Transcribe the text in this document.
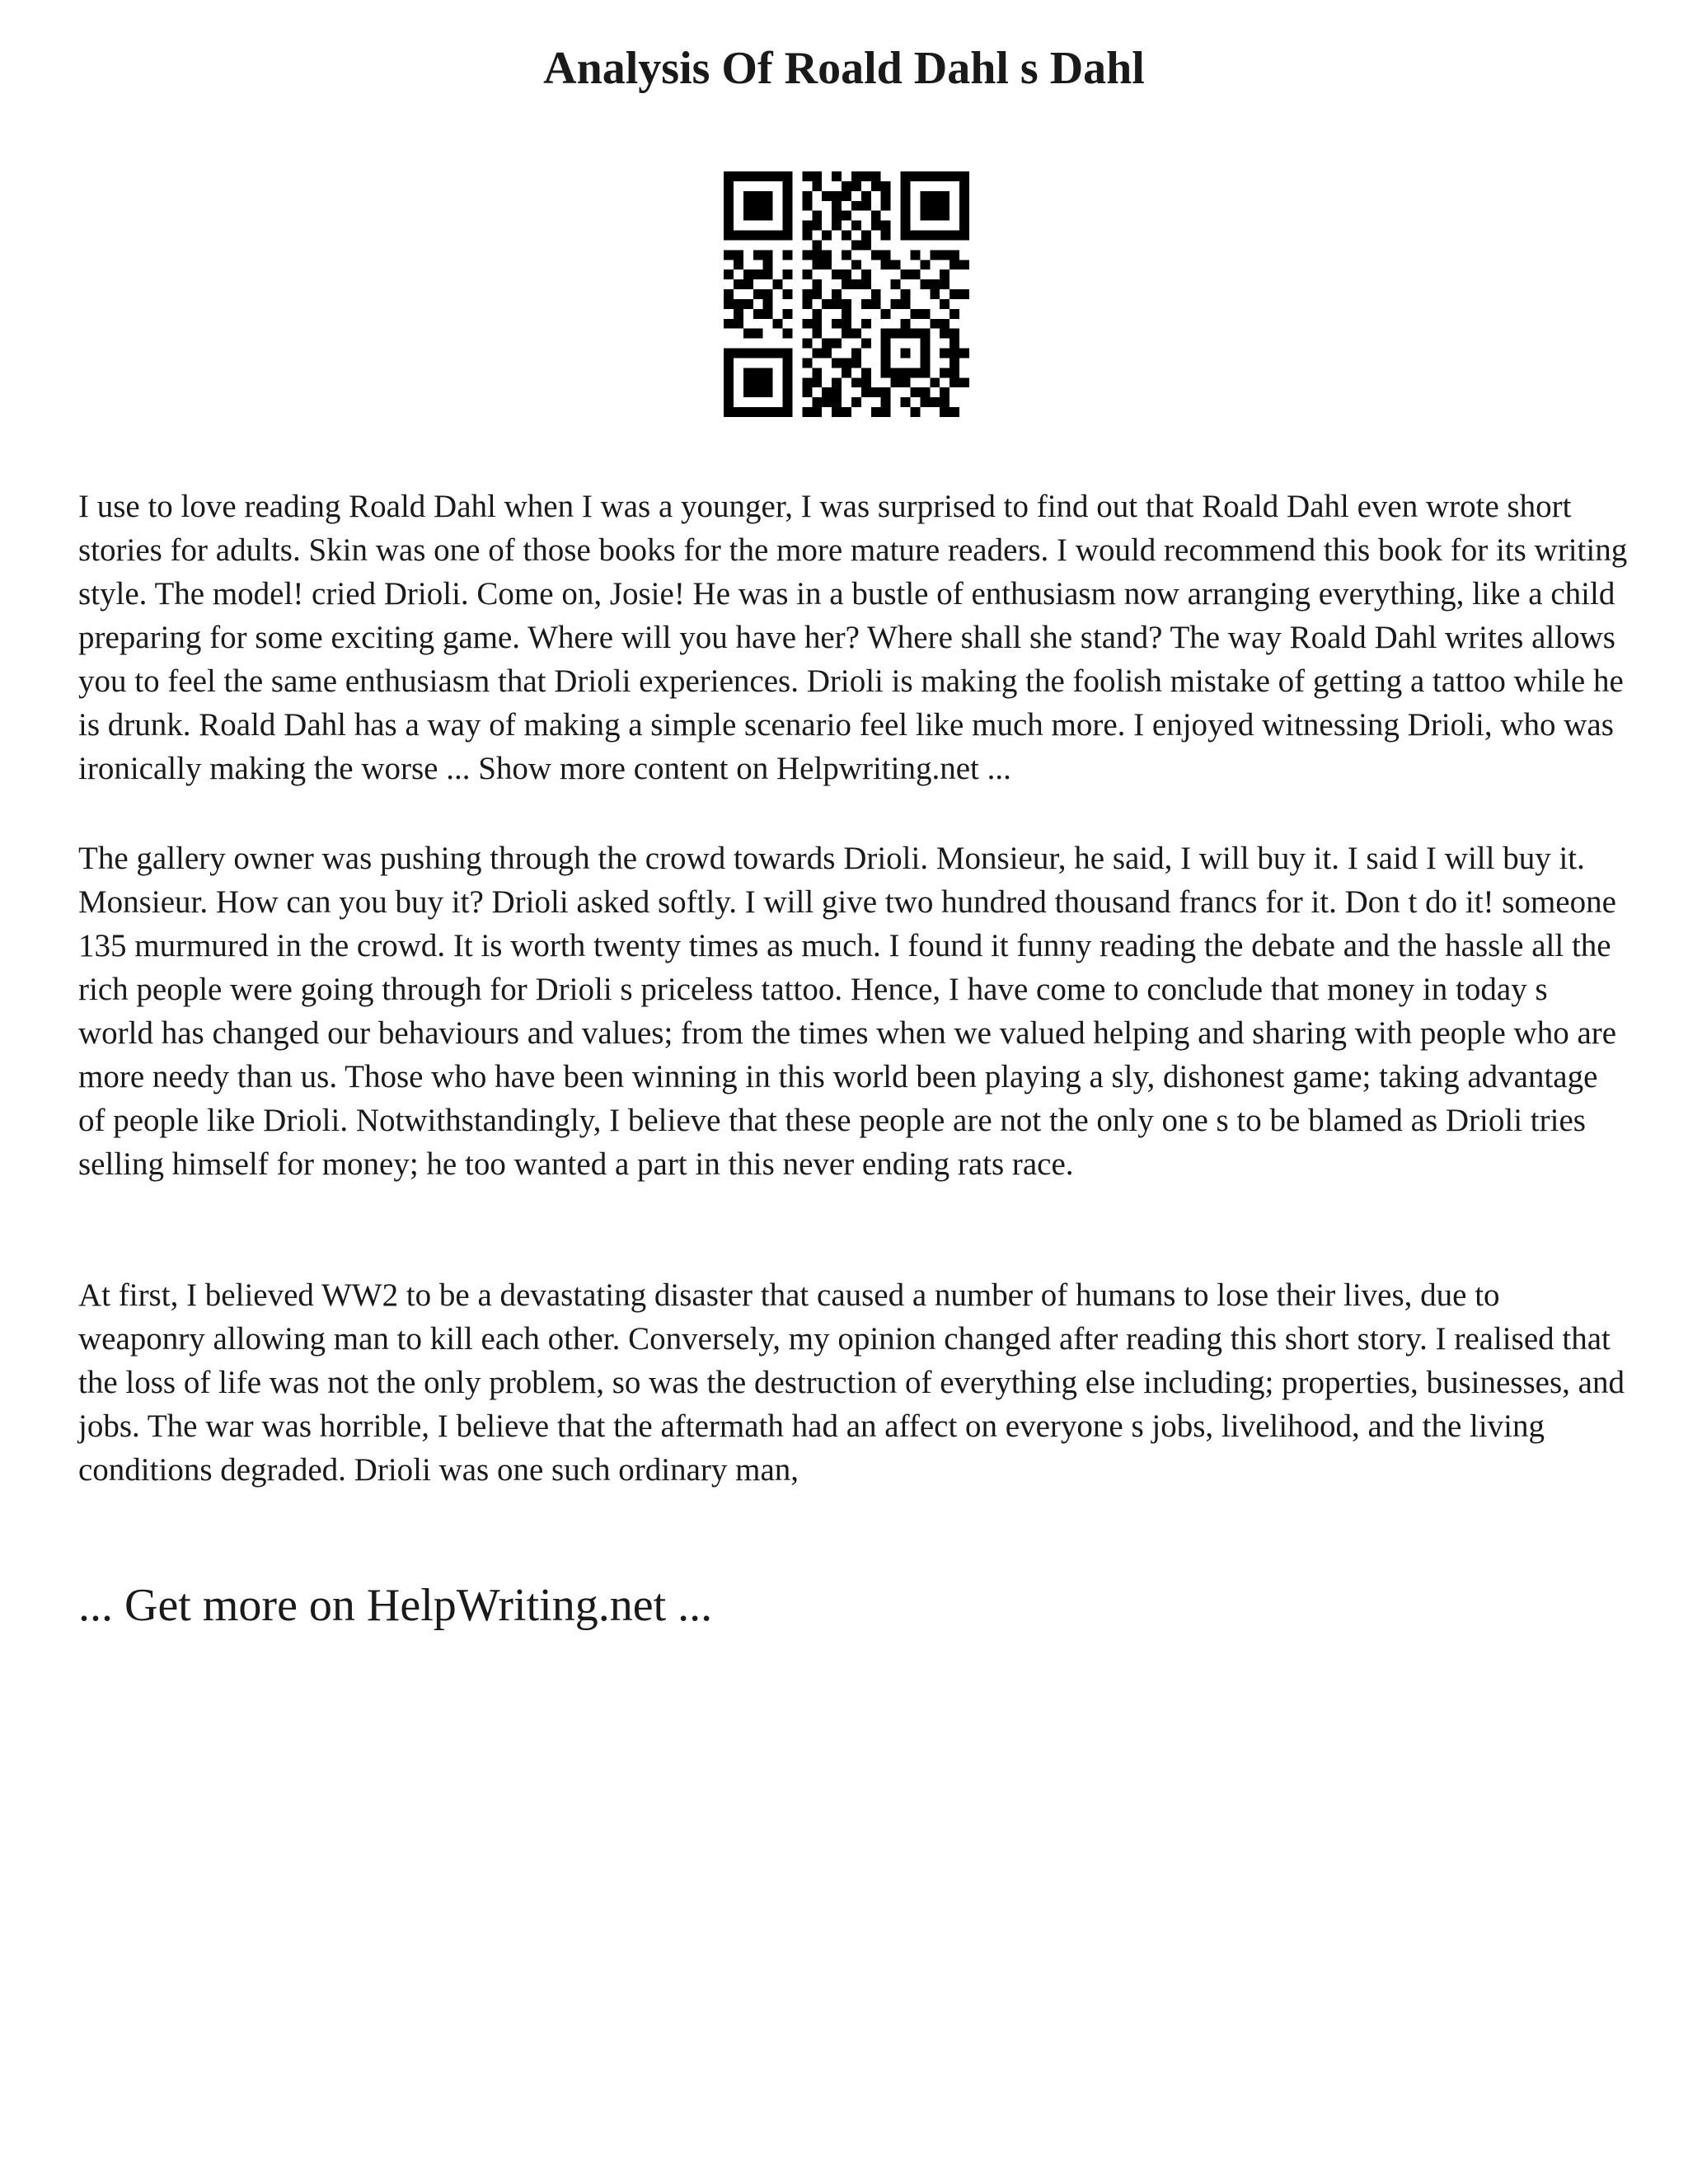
Analysis Of Roald Dahl s Dahl

I use to love reading Roald Dahl when I was a younger, I was surprised to find out that Roald Dahl even wrote short stories for adults. Skin was one of those books for the more mature readers. I would recommend this book for its writing style. The model! cried Drioli. Come on, Josie! He was in a bustle of enthusiasm now arranging everything, like a child preparing for some exciting game. Where will you have her? Where shall she stand? The way Roald Dahl writes allows you to feel the same enthusiasm that Drioli experiences. Drioli is making the foolish mistake of getting a tattoo while he is drunk. Roald Dahl has a way of making a simple scenario feel like much more. I enjoyed witnessing Drioli, who was ironically making the worse ... Show more content on Helpwriting.net ...

The gallery owner was pushing through the crowd towards Drioli. Monsieur, he said, I will buy it. I said I will buy it. Monsieur. How can you buy it? Drioli asked softly. I will give two hundred thousand francs for it. Don t do it! someone 135 murmured in the crowd. It is worth twenty times as much. I found it funny reading the debate and the hassle all the rich people were going through for Drioli s priceless tattoo. Hence, I have come to conclude that money in today s world has changed our behaviours and values; from the times when we valued helping and sharing with people who are more needy than us. Those who have been winning in this world been playing a sly, dishonest game; taking advantage of people like Drioli. Notwithstandingly, I believe that these people are not the only one s to be blamed as Drioli tries selling himself for money; he too wanted a part in this never ending rats race.

At first, I believed WW2 to be a devastating disaster that caused a number of humans to lose their lives, due to weaponry allowing man to kill each other. Conversely, my opinion changed after reading this short story. I realised that the loss of life was not the only problem, so was the destruction of everything else including; properties, businesses, and jobs. The war was horrible, I believe that the aftermath had an affect on everyone s jobs, livelihood, and the living conditions degraded. Drioli was one such ordinary man,

... Get more on HelpWriting.net ...
